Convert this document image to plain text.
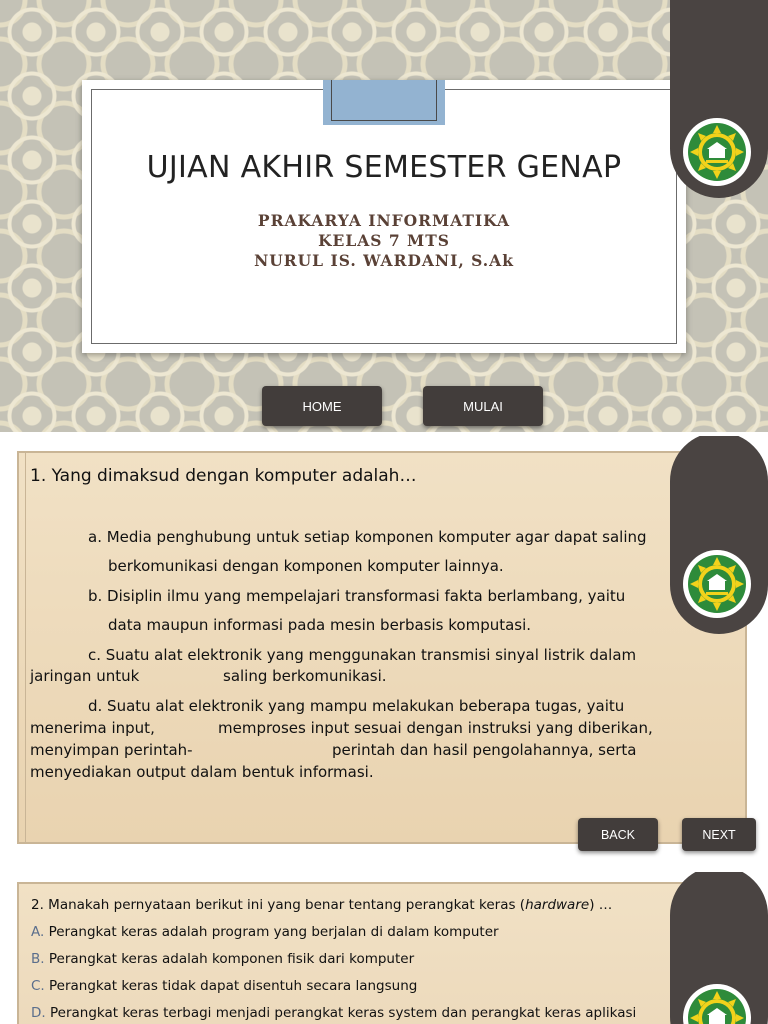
UJIAN AKHIR SEMESTER GENAP
PRAKARYA INFORMATIKA
KELAS 7 MTS
NURUL IS. WARDANI, S.Ak
HOME	MULAI
1. Yang dimaksud dengan komputer adalah…
a. Media penghubung untuk setiap komponen komputer agar dapat saling
berkomunikasi dengan komponen komputer lainnya.
b. Disiplin ilmu yang mempelajari transformasi fakta berlambang, yaitu
data maupun informasi pada mesin berbasis komputasi.
c. Suatu alat elektronik yang menggunakan transmisi sinyal listrik dalam
jaringan untuk	saling berkomunikasi.
d. Suatu alat elektronik yang mampu melakukan beberapa tugas, yaitu
menerima input,	memproses input sesuai dengan instruksi yang diberikan,
menyimpan perintah-	perintah dan hasil pengolahannya, serta
menyediakan output dalam bentuk informasi.
BACK	NEXT
2. Manakah pernyataan berikut ini yang benar tentang perangkat keras (hardware) …
A. Perangkat keras adalah program yang berjalan di dalam komputer
B. Perangkat keras adalah komponen fisik dari komputer
C. Perangkat keras tidak dapat disentuh secara langsung
D. Perangkat keras terbagi menjadi perangkat keras system dan perangkat keras aplikasi
